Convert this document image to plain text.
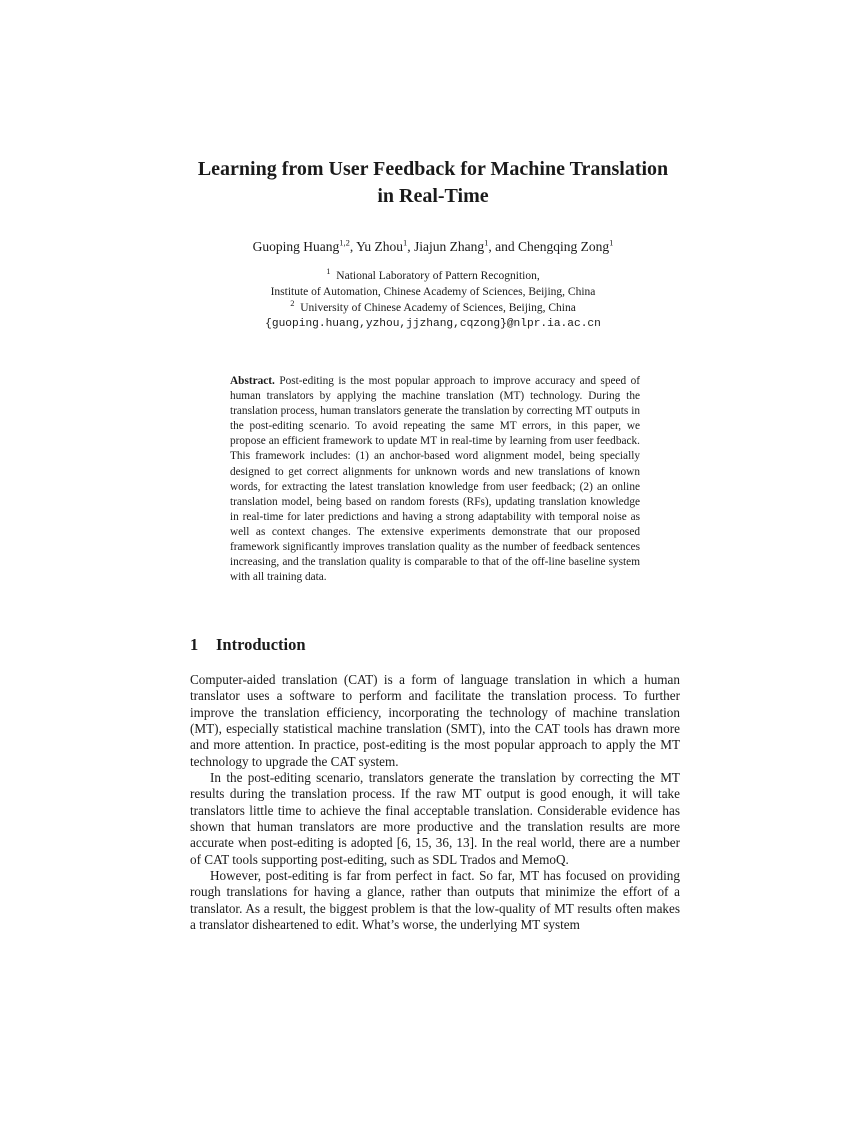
Learning from User Feedback for Machine Translation
in Real-Time
Guoping Huang$^{1,2}$, Yu Zhou$^1$, Jiajun Zhang$^1$, and Chengqing Zong$^1$
$^1$ National Laboratory of Pattern Recognition,
Institute of Automation, Chinese Academy of Sciences, Beijing, China
$^2$ University of Chinese Academy of Sciences, Beijing, China
{guoping.huang,yzhou,jjzhang,cqzong}@nlpr.ia.ac.cn

Abstract. Post-editing is the most popular approach to improve accuracy and speed of human translators by applying the machine translation (MT) technology. During the translation process, human translators generate the translation by correcting MT outputs in the post-editing scenario. To avoid repeating the same MT errors, in this paper, we propose an efficient framework to update MT in real-time by learning from user feedback. This framework includes: (1) an anchor-based word alignment model, being specially designed to get correct alignments for unknown words and new translations of known words, for extracting the latest translation knowledge from user feedback; (2) an online translation model, being based on random forests (RFs), updating translation knowledge in real-time for later predictions and having a strong adaptability with temporal noise as well as context changes. The extensive experiments demonstrate that our proposed framework significantly improves translation quality as the number of feedback sentences increasing, and the translation quality is comparable to that of the off-line baseline system with all training data.

1 Introduction

Computer-aided translation (CAT) is a form of language translation in which a human translator uses a software to perform and facilitate the translation process. To further improve the translation efficiency, incorporating the technology of machine translation (MT), especially statistical machine translation (SMT), into the CAT tools has drawn more and more attention. In practice, post-editing is the most popular approach to apply the MT technology to upgrade the CAT system.

In the post-editing scenario, translators generate the translation by correcting the MT results during the translation process. If the raw MT output is good enough, it will take translators little time to achieve the final acceptable translation. Considerable evidence has shown that human translators are more productive and the translation results are more accurate when post-editing is adopted [6, 15, 36, 13]. In the real world, there are a number of CAT tools supporting post-editing, such as SDL Trados and MemoQ.

However, post-editing is far from perfect in fact. So far, MT has focused on providing rough translations for having a glance, rather than outputs that minimize the effort of a translator. As a result, the biggest problem is that the low-quality of MT results often makes a translator disheartened to edit. What’s worse, the underlying MT system
